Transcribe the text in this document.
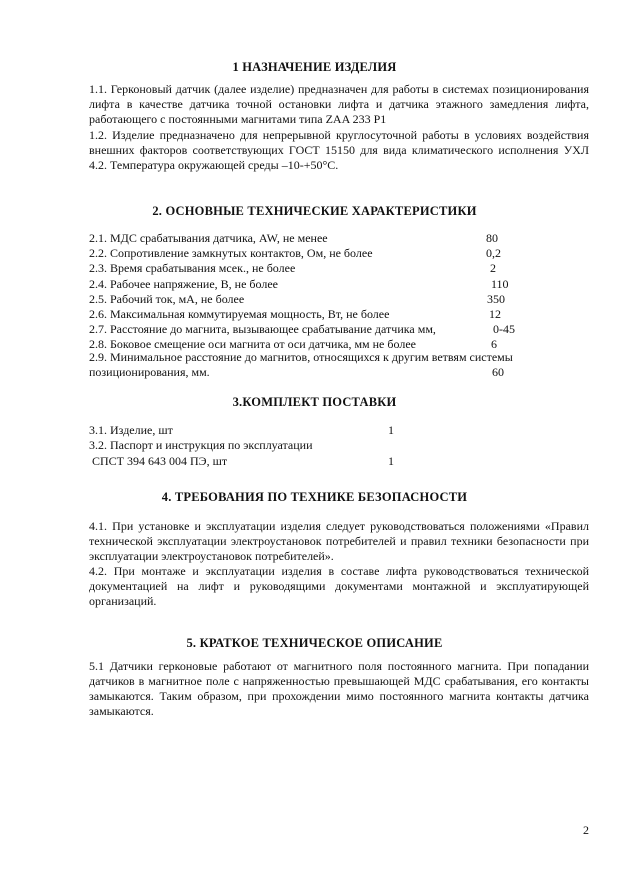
1 НАЗНАЧЕНИЕ ИЗДЕЛИЯ
1.1. Герконовый датчик (далее изделие) предназначен для работы в системах позиционирования лифта в качестве датчика точной остановки лифта и датчика этажного замедления лифта, работающего с постоянными магнитами типа ZAA 233 P1
1.2. Изделие предназначено для непрерывной круглосуточной работы в условиях воздействия внешних факторов соответствующих ГОСТ 15150 для вида климатического исполнения УХЛ 4.2. Температура окружающей среды –10-+50°С.
2. ОСНОВНЫЕ ТЕХНИЧЕСКИЕ ХАРАКТЕРИСТИКИ
2.1. МДС срабатывания датчика, AW, не менее	80
2.2. Сопротивление замкнутых контактов, Ом, не более	0,2
2.3. Время срабатывания мсек., не более	2
2.4. Рабочее напряжение, В, не более	110
2.5. Рабочий ток, мА, не более	350
2.6. Максимальная коммутируемая мощность, Вт, не более	12
2.7. Расстояние до магнита, вызывающее срабатывание датчика мм,	0-45
2.8. Боковое смещение оси магнита от оси датчика, мм не более	6
2.9. Минимальное расстояние до магнитов, относящихся к другим ветвям системы
позиционирования, мм.	60
3.КОМПЛЕКТ ПОСТАВКИ
3.1. Изделие, шт	1
3.2. Паспорт и инструкция по эксплуатации
СПСТ 394 643 004 ПЭ, шт	1
4. ТРЕБОВАНИЯ ПО ТЕХНИКЕ БЕЗОПАСНОСТИ
4.1. При установке и эксплуатации изделия следует руководствоваться положениями «Правил технической эксплуатации электроустановок потребителей и правил техники безопасности при эксплуатации электроустановок потребителей».
4.2. При монтаже и эксплуатации изделия в составе лифта руководствоваться технической документацией на лифт и руководящими документами монтажной и эксплуатирующей организаций.
5. КРАТКОЕ ТЕХНИЧЕСКОЕ ОПИСАНИЕ
5.1 Датчики герконовые работают от магнитного поля постоянного магнита. При попадании датчиков в магнитное поле с напряженностью превышающей МДС срабатывания, его контакты замыкаются. Таким образом, при прохождении мимо постоянного магнита контакты датчика замыкаются.
2
